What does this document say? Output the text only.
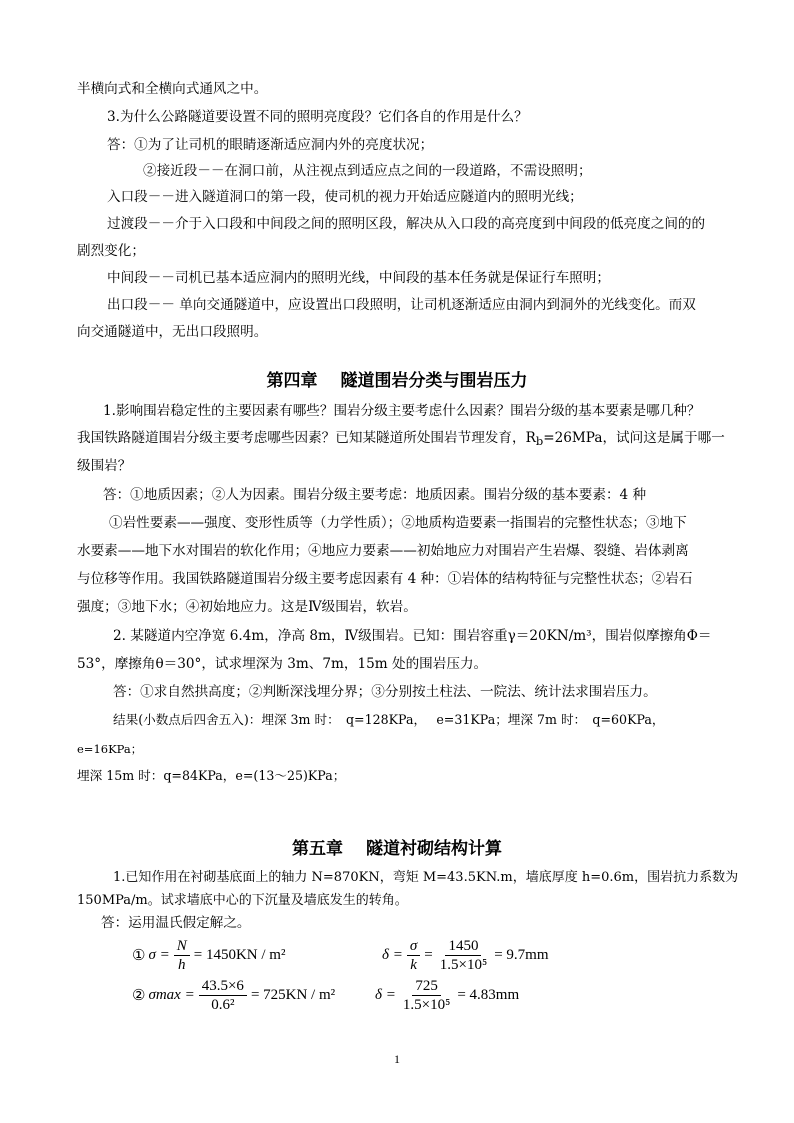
半横向式和全横向式通风之中。
3.为什么公路隧道要设置不同的照明亮度段？它们各自的作用是什么？
答：①为了让司机的眼睛逐渐适应洞内外的亮度状况；
②接近段－－在洞口前，从注视点到适应点之间的一段道路，不需设照明；
入口段－－进入隧道洞口的第一段，使司机的视力开始适应隧道内的照明光线；
过渡段－－介于入口段和中间段之间的照明区段，解决从入口段的高亮度到中间段的低亮度之间的的
剧烈变化；
中间段－－司机已基本适应洞内的照明光线，中间段的基本任务就是保证行车照明；
出口段－－ 单向交通隧道中，应设置出口段照明，让司机逐渐适应由洞内到洞外的光线变化。而双
向交通隧道中，无出口段照明。
第四章　 隧道围岩分类与围岩压力
1.影响围岩稳定性的主要因素有哪些？围岩分级主要考虑什么因素？围岩分级的基本要素是哪几种？
我国铁路隧道围岩分级主要考虑哪些因素？已知某隧道所处围岩节理发育，$R_b=26MPa$，试问这是属于哪一
级围岩？
答：①地质因素；②人为因素。围岩分级主要考虑：地质因素。围岩分级的基本要素：4 种
①岩性要素——强度、变形性质等（力学性质）；②地质构造要素一指围岩的完整性状态；③地下
水要素——地下水对围岩的软化作用；④地应力要素——初始地应力对围岩产生岩爆、裂缝、岩体剥离
与位移等作用。我国铁路隧道围岩分级主要考虑因素有 4 种：①岩体的结构特征与完整性状态；②岩石
强度；③地下水；④初始地应力。这是Ⅳ级围岩，软岩。
2. 某隧道内空净宽 6.4m，净高 8m，Ⅳ级围岩。已知：围岩容重γ＝20KN/m³，围岩似摩擦角Φ＝
53°，摩擦角θ＝30°，试求埋深为 3m、7m，15m 处的围岩压力。
答：①求自然拱高度；②判断深浅埋分界；③分别按土柱法、一院法、统计法求围岩压力。
结果(小数点后四舍五入)：埋深 3m 时：　q=128KPa，　 e=31KPa；埋深 7m 时：　q=60KPa，
e=16KPa；
埋深 15m 时：q=84KPa，e=(13～25)KPa；
第五章　 隧道衬砌结构计算
1.已知作用在衬砌基底面上的轴力 N=870KN，弯矩 M=43.5KN.m，墙底厚度 h=0.6m，围岩抗力系数为
150MPa/m。试求墙底中心的下沉量及墙底发生的转角。
答：运用温氏假定解之。
① $\sigma = \frac{N}{h} = 1450KN / m^2$	$\delta = \frac{\sigma}{k} = \frac{1450}{\text{1.5×10⁵}} = 9.7mm$
② $\sigma\max = \frac{43.5\times 6}{\text{0.6²}} = 725KN / m^2$	$\delta = \frac{725}{\text{1.5×10⁵}} = 4.83mm$
1
